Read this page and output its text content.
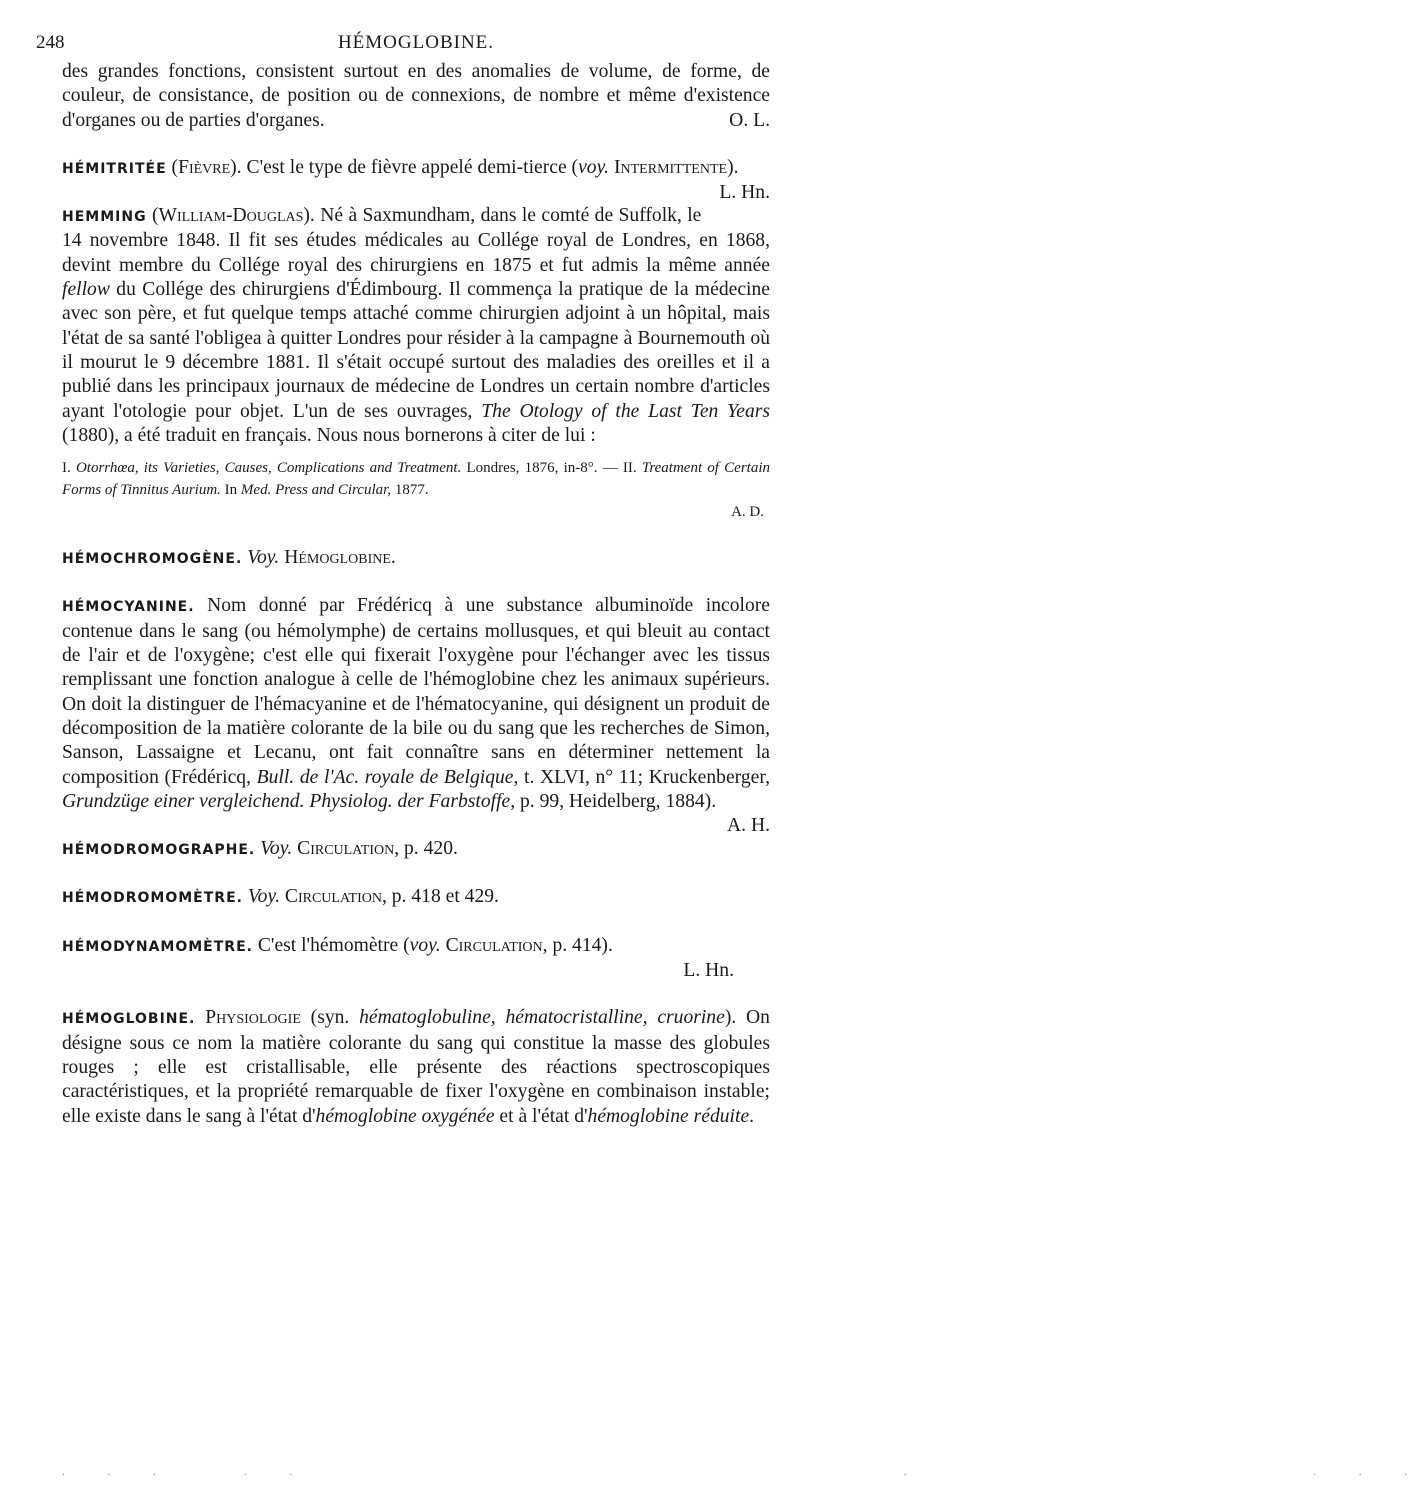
248	HÉMOGLOBINE.

des grandes fonctions, consistent surtout en des anomalies de volume, de forme, de couleur, de consistance, de position ou de connexions, de nombre et même d'existence d'organes ou de parties d'organes.	O. L.

HÉMITRITÉE (Fièvre). C'est le type de fièvre appelé demi-tierce (voy. Intermittente).
L. Hn.

HEMMING (William-Douglas). Né à Saxmundham, dans le comté de Suffolk, le 14 novembre 1848. Il fit ses études médicales au Collége royal de Londres, en 1868, devint membre du Collége royal des chirurgiens en 1875 et fut admis la même année fellow du Collége des chirurgiens d'Édimbourg. Il commença la pratique de la médecine avec son père, et fut quelque temps attaché comme chirurgien adjoint à un hôpital, mais l'état de sa santé l'obligea à quitter Londres pour résider à la campagne à Bournemouth où il mourut le 9 décembre 1881. Il s'était occupé surtout des maladies des oreilles et il a publié dans les principaux journaux de médecine de Londres un certain nombre d'articles ayant l'otologie pour objet. L'un de ses ouvrages, The Otology of the Last Ten Years (1880), a été traduit en français. Nous nous bornerons à citer de lui :

I. Otorrhœa, its Varieties, Causes, Complications and Treatment. Londres, 1876, in-8°. — II. Treatment of Certain Forms of Tinnitus Aurium. In Med. Press and Circular, 1877.

A. D.

HÉMOCHROMOGÈNE. Voy. Hémoglobine.

HÉMOCYANINE. Nom donné par Frédéricq à une substance albuminoïde incolore contenue dans le sang (ou hémolymphe) de certains mollusques, et qui bleuit au contact de l'air et de l'oxygène; c'est elle qui fixerait l'oxygène pour l'échanger avec les tissus remplissant une fonction analogue à celle de l'hémoglobine chez les animaux supérieurs. On doit la distinguer de l'hémacyanine et de l'hématocyanine, qui désignent un produit de décomposition de la matière colorante de la bile ou du sang que les recherches de Simon, Sanson, Lassaigne et Lecanu, ont fait connaître sans en déterminer nettement la composition (Frédéricq, Bull. de l'Ac. royale de Belgique, t. XLVI, n° 11; Kruckenberger, Grundzüge einer vergleichend. Physiolog. der Farbstoffe, p. 99, Heidelberg, 1884).
A. H.

HÉMODROMOGRAPHE. Voy. Circulation, p. 420.

HÉMODROMOMÈTRE. Voy. Circulation, p. 418 et 429.

HÉMODYNAMOMÈTRE. C'est l'hémomètre (voy. Circulation, p. 414).
L. Hn.

HÉMOGLOBINE. Physiologie (syn. hématoglobuline, hématocristalline, cruorine). On désigne sous ce nom la matière colorante du sang qui constitue la masse des globules rouges ; elle est cristallisable, elle présente des réactions spectroscopiques caractéristiques, et la propriété remarquable de fixer l'oxygène en combinaison instable; elle existe dans le sang à l'état d'hémoglobine oxygénée et à l'état d'hémoglobine réduite.

. . .   . .                          .                 . . .
